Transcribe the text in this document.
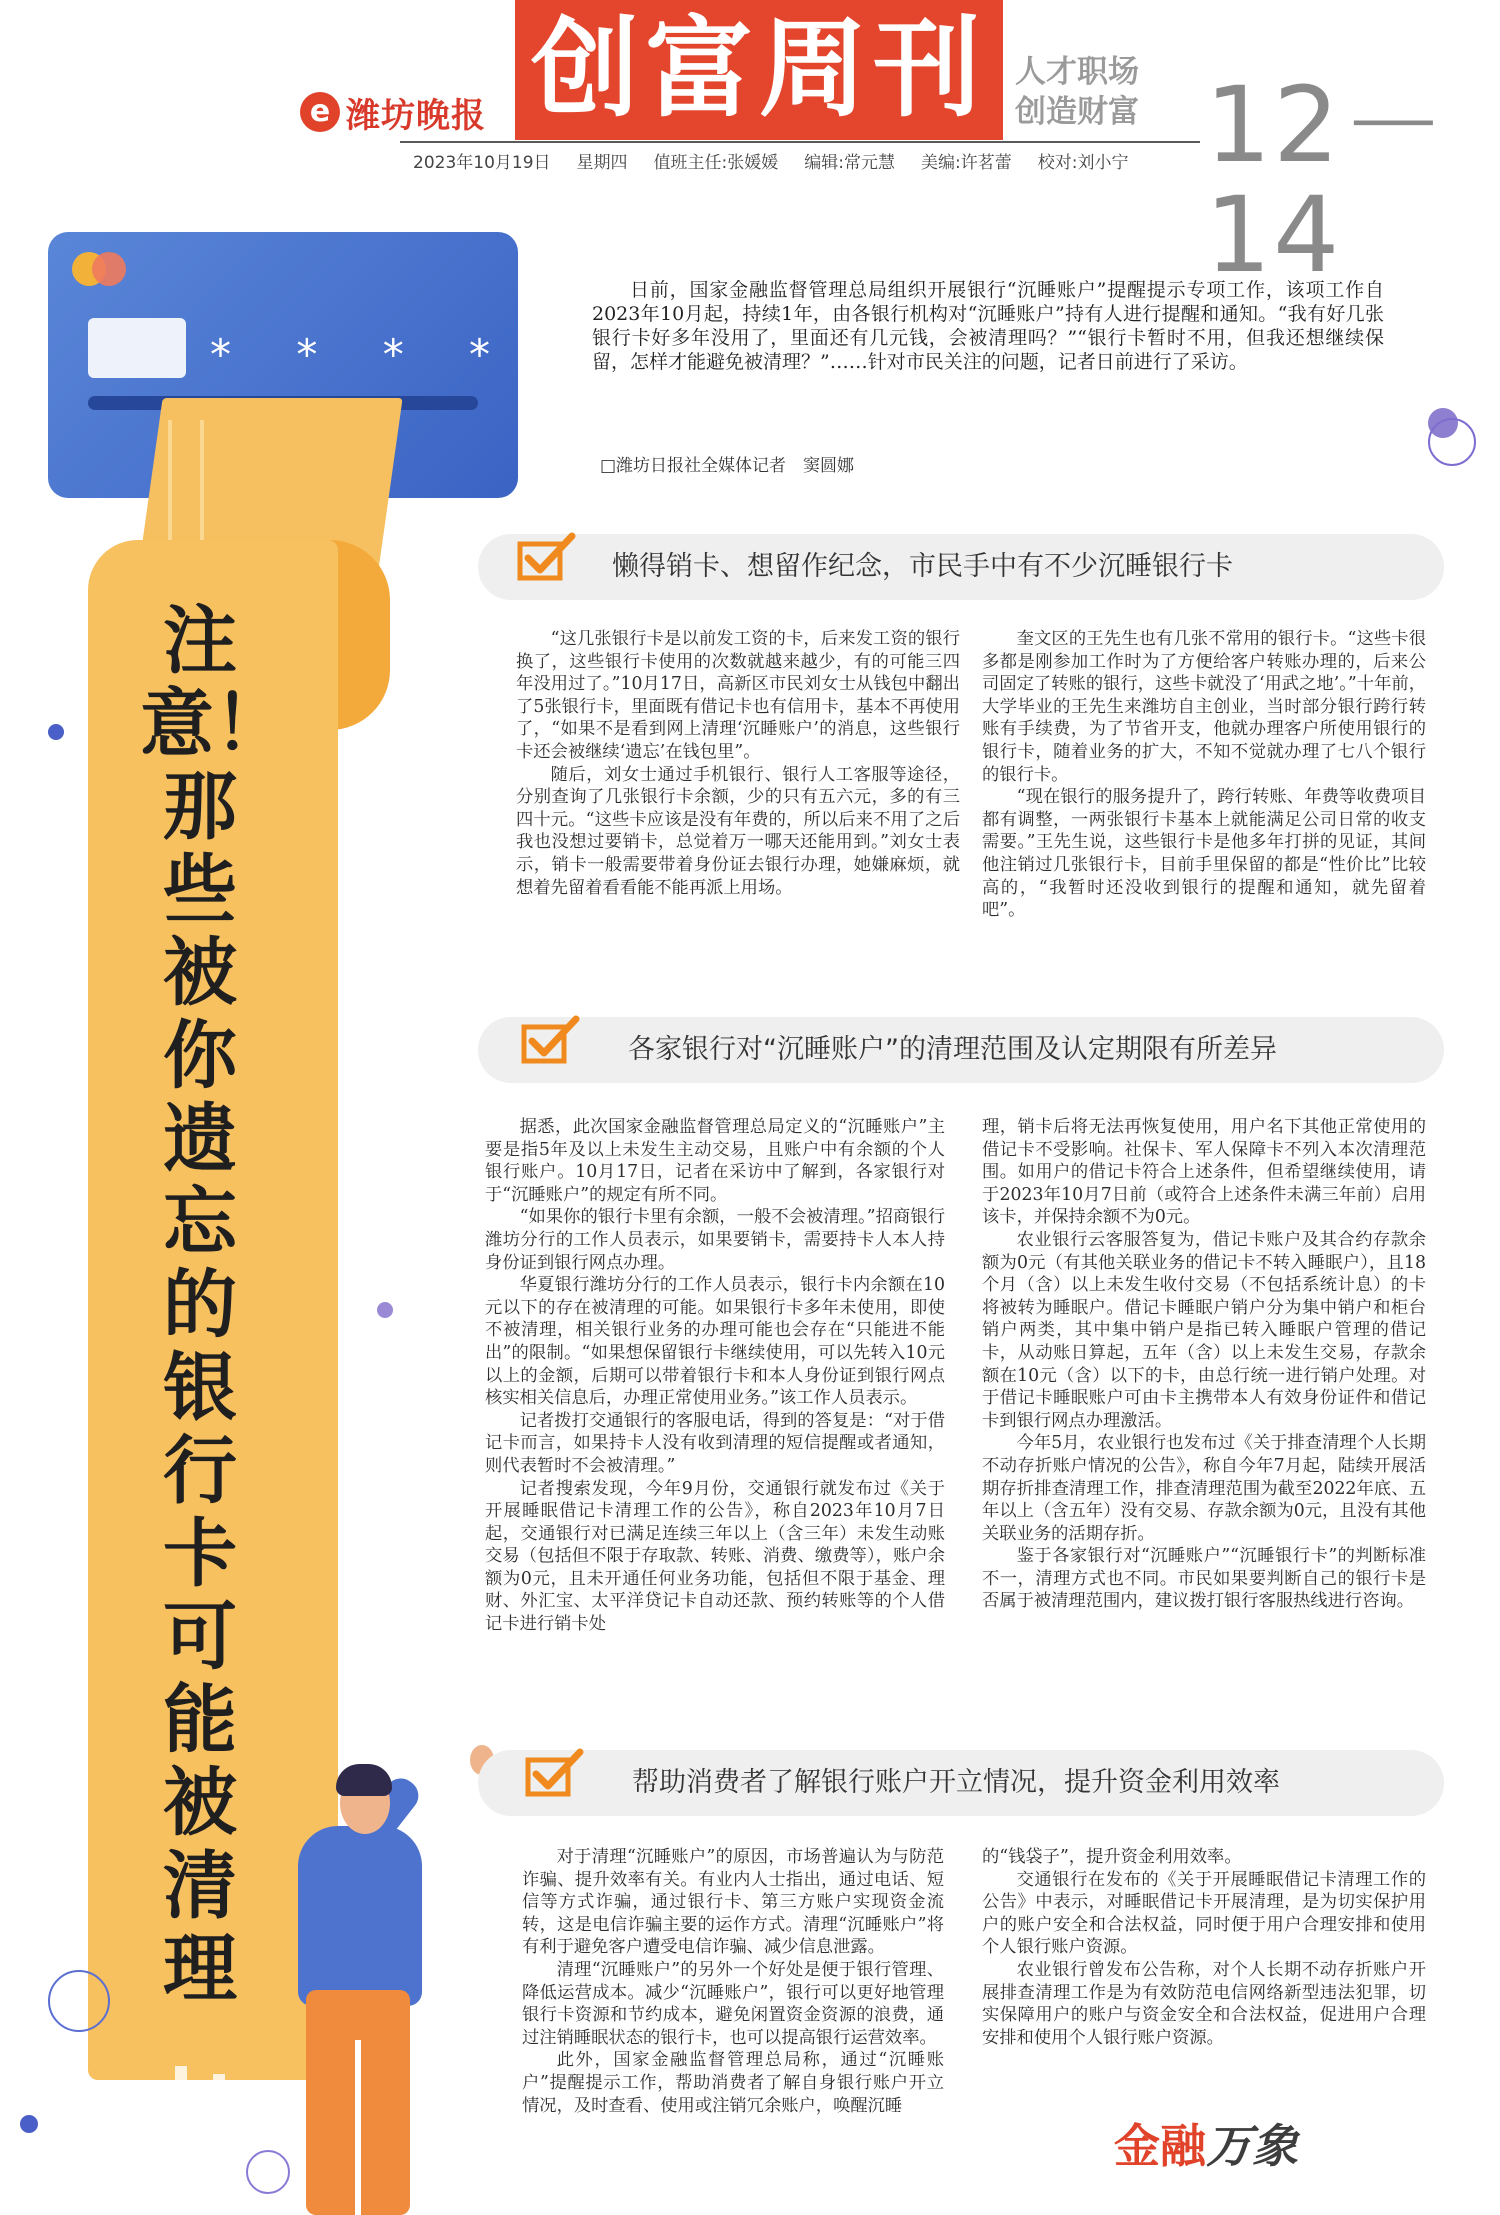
e 潍坊晚报 创富周刊 人才职场
创造财富 12－14
2023年10月19日 星期四 值班主任:张媛媛 编辑:常元慧 美编:许茗蕾 校对:刘小宁
* * * * *
注意！那些被你遗忘的银行卡可能被清理
日前，国家金融监督管理总局组织开展银行“沉睡账户”提醒提示专项工作，该项工作自2023年10月起，持续1年，由各银行机构对“沉睡账户”持有人进行提醒和通知。“我有好几张银行卡好多年没用了，里面还有几元钱，会被清理吗？”“银行卡暂时不用，但我还想继续保留，怎样才能避免被清理？”……针对市民关注的问题，记者日前进行了采访。
□潍坊日报社全媒体记者　窦圆娜
懒得销卡、想留作纪念，市民手中有不少沉睡银行卡

“这几张银行卡是以前发工资的卡，后来发工资的银行换了，这些银行卡使用的次数就越来越少，有的可能三四年没用过了。”10月17日，高新区市民刘女士从钱包中翻出了5张银行卡，里面既有借记卡也有信用卡，基本不再使用了，“如果不是看到网上清理‘沉睡账户’的消息，这些银行卡还会被继续‘遗忘’在钱包里”。

随后，刘女士通过手机银行、银行人工客服等途径，分别查询了几张银行卡余额，少的只有五六元，多的有三四十元。“这些卡应该是没有年费的，所以后来不用了之后我也没想过要销卡，总觉着万一哪天还能用到。”刘女士表示，销卡一般需要带着身份证去银行办理，她嫌麻烦，就想着先留着看看能不能再派上用场。

奎文区的王先生也有几张不常用的银行卡。“这些卡很多都是刚参加工作时为了方便给客户转账办理的，后来公司固定了转账的银行，这些卡就没了‘用武之地’。”十年前，大学毕业的王先生来潍坊自主创业，当时部分银行跨行转账有手续费，为了节省开支，他就办理客户所使用银行的银行卡，随着业务的扩大，不知不觉就办理了七八个银行的银行卡。

“现在银行的服务提升了，跨行转账、年费等收费项目都有调整，一两张银行卡基本上就能满足公司日常的收支需要。”王先生说，这些银行卡是他多年打拼的见证，其间他注销过几张银行卡，目前手里保留的都是“性价比”比较高的，“我暂时还没收到银行的提醒和通知，就先留着吧”。

各家银行对“沉睡账户”的清理范围及认定期限有所差异

据悉，此次国家金融监督管理总局定义的“沉睡账户”主要是指5年及以上未发生主动交易，且账户中有余额的个人银行账户。10月17日，记者在采访中了解到，各家银行对于“沉睡账户”的规定有所不同。

“如果你的银行卡里有余额，一般不会被清理。”招商银行潍坊分行的工作人员表示，如果要销卡，需要持卡人本人持身份证到银行网点办理。

华夏银行潍坊分行的工作人员表示，银行卡内余额在10元以下的存在被清理的可能。如果银行卡多年未使用，即使不被清理，相关银行业务的办理可能也会存在“只能进不能出”的限制。“如果想保留银行卡继续使用，可以先转入10元以上的金额，后期可以带着银行卡和本人身份证到银行网点核实相关信息后，办理正常使用业务。”该工作人员表示。

记者拨打交通银行的客服电话，得到的答复是：“对于借记卡而言，如果持卡人没有收到清理的短信提醒或者通知，则代表暂时不会被清理。”

记者搜索发现，今年9月份，交通银行就发布过《关于开展睡眠借记卡清理工作的公告》，称自2023年10月7日起，交通银行对已满足连续三年以上（含三年）未发生动账交易（包括但不限于存取款、转账、消费、缴费等），账户余额为0元，且未开通任何业务功能，包括但不限于基金、理财、外汇宝、太平洋贷记卡自动还款、预约转账等的个人借记卡进行销卡处

理，销卡后将无法再恢复使用，用户名下其他正常使用的借记卡不受影响。社保卡、军人保障卡不列入本次清理范围。如用户的借记卡符合上述条件，但希望继续使用，请于2023年10月7日前（或符合上述条件未满三年前）启用该卡，并保持余额不为0元。

农业银行云客服答复为，借记卡账户及其合约存款余额为0元（有其他关联业务的借记卡不转入睡眠户），且18个月（含）以上未发生收付交易（不包括系统计息）的卡将被转为睡眠户。借记卡睡眠户销户分为集中销户和柜台销户两类，其中集中销户是指已转入睡眠户管理的借记卡，从动账日算起，五年（含）以上未发生交易，存款余额在10元（含）以下的卡，由总行统一进行销户处理。对于借记卡睡眠账户可由卡主携带本人有效身份证件和借记卡到银行网点办理激活。

今年5月，农业银行也发布过《关于排查清理个人长期不动存折账户情况的公告》，称自今年7月起，陆续开展活期存折排查清理工作，排查清理范围为截至2022年底、五年以上（含五年）没有交易、存款余额为0元，且没有其他关联业务的活期存折。

鉴于各家银行对“沉睡账户”“沉睡银行卡”的判断标准不一，清理方式也不同。市民如果要判断自己的银行卡是否属于被清理范围内，建议拨打银行客服热线进行咨询。

帮助消费者了解银行账户开立情况，提升资金利用效率

对于清理“沉睡账户”的原因，市场普遍认为与防范诈骗、提升效率有关。有业内人士指出，通过电话、短信等方式诈骗，通过银行卡、第三方账户实现资金流转，这是电信诈骗主要的运作方式。清理“沉睡账户”将有利于避免客户遭受电信诈骗、减少信息泄露。

清理“沉睡账户”的另外一个好处是便于银行管理、降低运营成本。减少“沉睡账户”，银行可以更好地管理银行卡资源和节约成本，避免闲置资金资源的浪费，通过注销睡眠状态的银行卡，也可以提高银行运营效率。

此外，国家金融监督管理总局称，通过“沉睡账户”提醒提示工作，帮助消费者了解自身银行账户开立情况，及时查看、使用或注销冗余账户，唤醒沉睡

的“钱袋子”，提升资金利用效率。

交通银行在发布的《关于开展睡眠借记卡清理工作的公告》中表示，对睡眠借记卡开展清理，是为切实保护用户的账户安全和合法权益，同时便于用户合理安排和使用个人银行账户资源。

农业银行曾发布公告称，对个人长期不动存折账户开展排查清理工作是为有效防范电信网络新型违法犯罪，切实保障用户的账户与资金安全和合法权益，促进用户合理安排和使用个人银行账户资源。

金融万象
